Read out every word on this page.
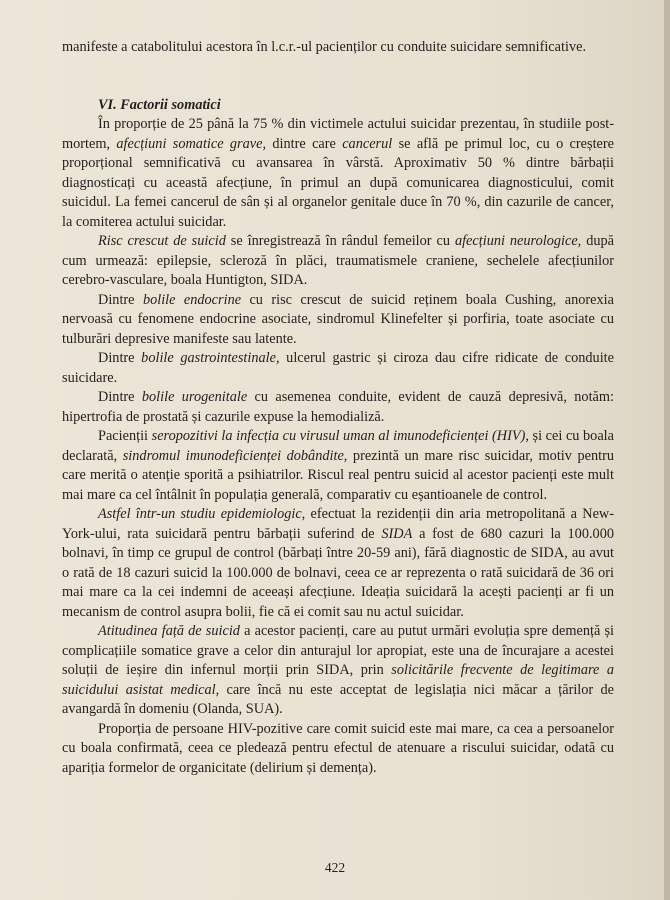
manifeste a catabolitului acestora în l.c.r.-ul pacienților cu conduite suicidare semnificative.

VI. Factorii somatici

În proporție de 25 până la 75 % din victimele actului suicidar prezentau, în studiile post-mortem, afecțiuni somatice grave, dintre care cancerul se află pe primul loc, cu o creștere proporțional semnificativă cu avansarea în vârstă. Aproximativ 50 % dintre bărbații diagnosticați cu această afecțiune, în primul an după comunicarea diagnosticului, comit suicidul. La femei cancerul de sân și al organelor genitale duce în 70 %, din cazurile de cancer, la comiterea actului suicidar.

Risc crescut de suicid se înregistrează în rândul femeilor cu afecțiuni neurologice, după cum urmează: epilepsie, scleroză în plăci, traumatismele craniene, sechelele afecțiunilor cerebro-vasculare, boala Huntigton, SIDA.

Dintre bolile endocrine cu risc crescut de suicid reținem boala Cushing, anorexia nervoasă cu fenomene endocrine asociate, sindromul Klinefelter și porfiria, toate asociate cu tulburări depresive manifeste sau latente.

Dintre bolile gastrointestinale, ulcerul gastric și ciroza dau cifre ridicate de conduite suicidare.

Dintre bolile urogenitale cu asemenea conduite, evident de cauză depresivă, notăm: hipertrofia de prostată și cazurile expuse la hemodializă.

Pacienții seropozitivi la infecția cu virusul uman al imunodeficienței (HIV), și cei cu boala declarată, sindromul imunodeficienței dobândite, prezintă un mare risc suicidar, motiv pentru care merită o atenție sporită a psihiatrilor. Riscul real pentru suicid al acestor pacienți este mult mai mare ca cel întâlnit în populația generală, comparativ cu eșantioanele de control.

Astfel într-un studiu epidemiologic, efectuat la rezidenții din aria metropolitană a New-York-ului, rata suicidară pentru bărbații suferind de SIDA a fost de 680 cazuri la 100.000 bolnavi, în timp ce grupul de control (bărbați între 20-59 ani), fără diagnostic de SIDA, au avut o rată de 18 cazuri suicid la 100.000 de bolnavi, ceea ce ar reprezenta o rată suicidară de 36 ori mai mare ca la cei indemni de aceeași afecțiune. Ideația suicidară la acești pacienți ar fi un mecanism de control asupra bolii, fie că ei comit sau nu actul suicidar.

Atitudinea față de suicid a acestor pacienți, care au putut urmări evoluția spre demență și complicațiile somatice grave a celor din anturajul lor apropiat, este una de încurajare a acestei soluții de ieșire din infernul morții prin SIDA, prin solicitările frecvente de legitimare a suicidului asistat medical, care încă nu este acceptat de legislația nici măcar a țărilor de avangardă în domeniu (Olanda, SUA).

Proporția de persoane HIV-pozitive care comit suicid este mai mare, ca cea a persoanelor cu boala confirmată, ceea ce pledează pentru efectul de atenuare a riscului suicidar, odată cu apariția formelor de organicitate (delirium și demența).

422
